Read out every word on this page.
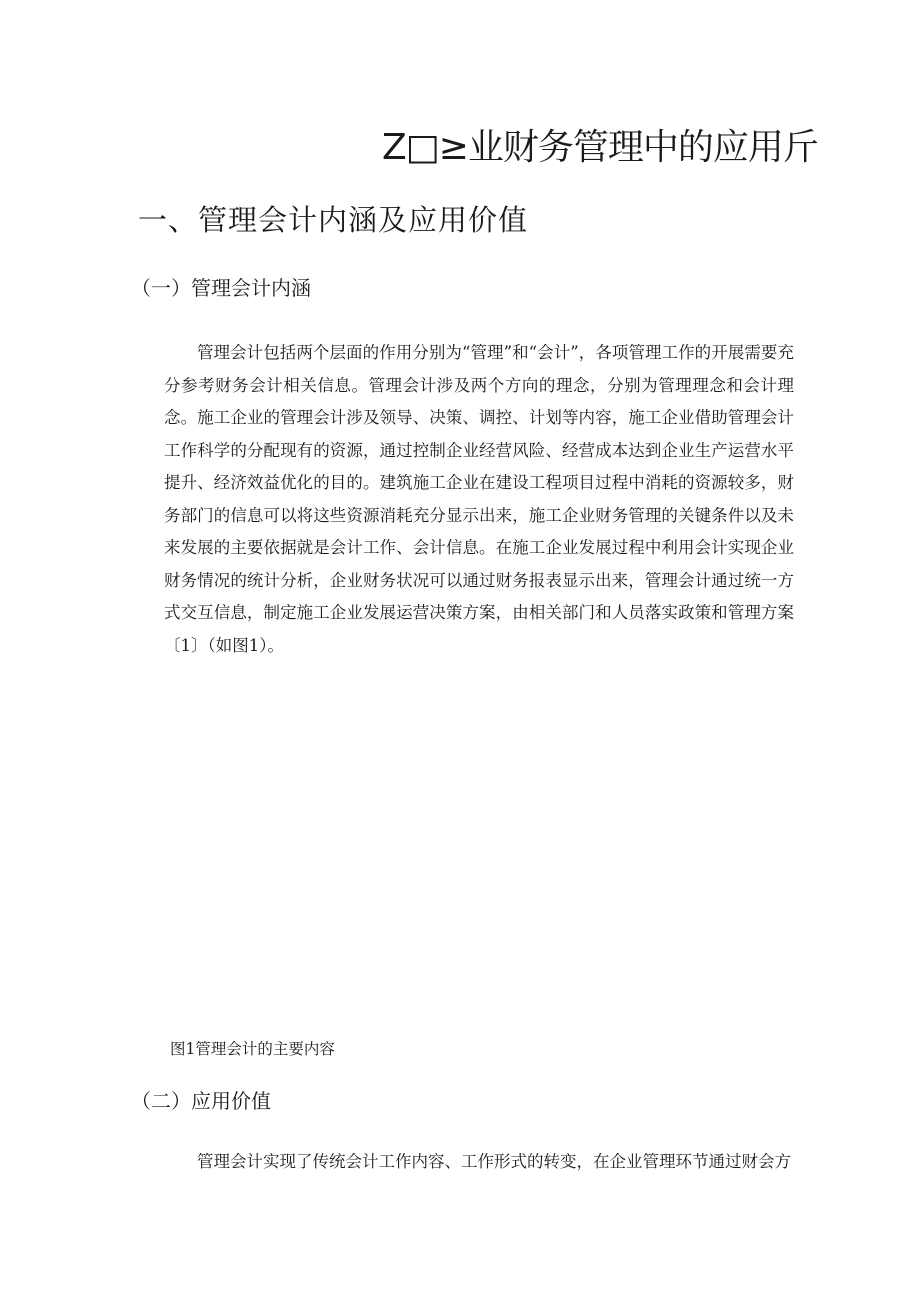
Z□≥业财务管理中的应用斤
一、管理会计内涵及应用价值
（一）管理会计内涵

管理会计包括两个层面的作用分别为“管理”和“会计”，各项管理工作的开展需要充分参考财务会计相关信息。管理会计涉及两个方向的理念，分别为管理理念和会计理念。施工企业的管理会计涉及领导、决策、调控、计划等内容，施工企业借助管理会计工作科学的分配现有的资源，通过控制企业经营风险、经营成本达到企业生产运营水平提升、经济效益优化的目的。建筑施工企业在建设工程项目过程中消耗的资源较多，财务部门的信息可以将这些资源消耗充分显示出来，施工企业财务管理的关键条件以及未来发展的主要依据就是会计工作、会计信息。在施工企业发展过程中利用会计实现企业财务情况的统计分析，企业财务状况可以通过财务报表显示出来，管理会计通过统一方式交互信息，制定施工企业发展运营决策方案，由相关部门和人员落实政策和管理方案〔1〕（如图1）。

图1管理会计的主要内容
（二）应用价值

管理会计实现了传统会计工作内容、工作形式的转变，在企业管理环节通过财会方
